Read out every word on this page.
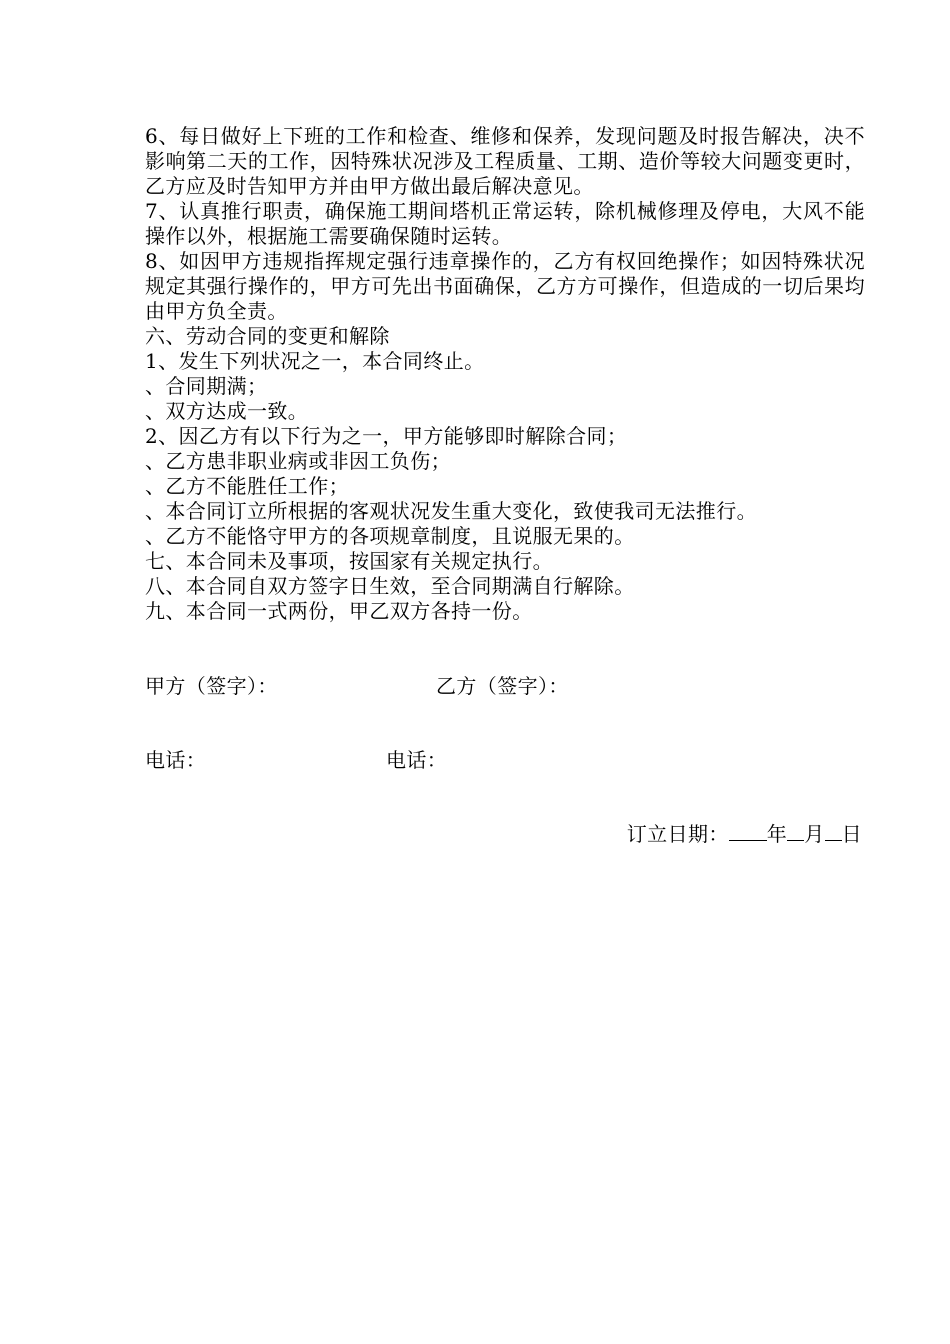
6、每日做好上下班的工作和检查、维修和保养，发现问题及时报告解决，决不影响第二天的工作，因特殊状况涉及工程质量、工期、造价等较大问题变更时，乙方应及时告知甲方并由甲方做出最后解决意见。

7、认真推行职责，确保施工期间塔机正常运转，除机械修理及停电，大风不能操作以外，根据施工需要确保随时运转。

8、如因甲方违规指挥规定强行违章操作的，乙方有权回绝操作；如因特殊状况规定其强行操作的，甲方可先出书面确保，乙方方可操作，但造成的一切后果均由甲方负全责。

六、劳动合同的变更和解除

1、发生下列状况之一，本合同终止。

、合同期满；

、双方达成一致。

2、因乙方有以下行为之一，甲方能够即时解除合同；

、乙方患非职业病或非因工负伤；

、乙方不能胜任工作；

、本合同订立所根据的客观状况发生重大变化，致使我司无法推行。

、乙方不能恪守甲方的各项规章制度，且说服无果的。

七、本合同未及事项，按国家有关规定执行。

八、本合同自双方签字日生效，至合同期满自行解除。

九、本合同一式两份，甲乙双方各持一份。

甲方（签字）：	乙方（签字）：
电话：	电话：
订立日期： 年 月 日
